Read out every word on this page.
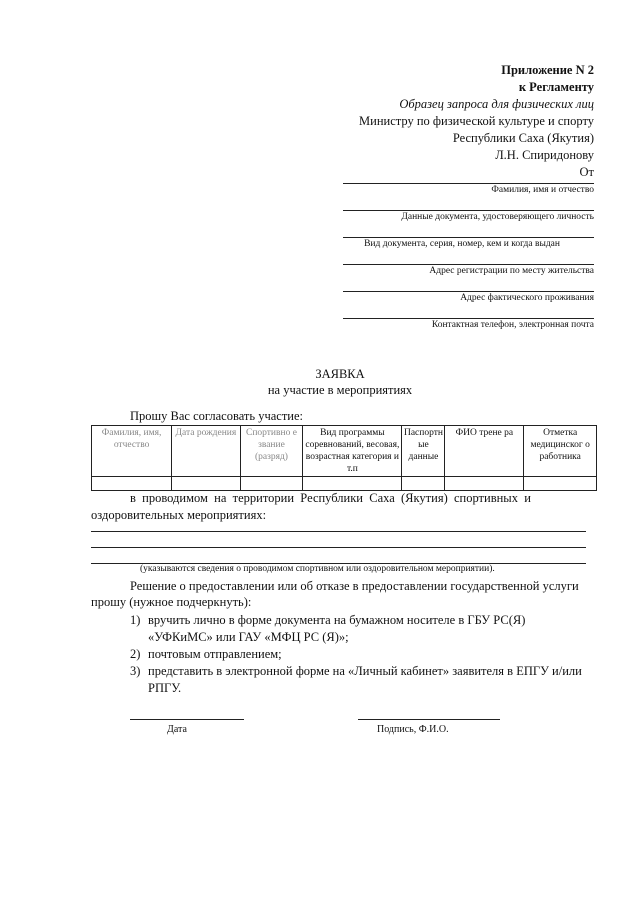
Приложение N 2
к Регламенту
Образец запроса для физических лиц
Министру по физической культуре и спорту
Республики Саха (Якутия)
Л.Н. Спиридонову
От
Фамилия, имя и отчество
Данные документа, удостоверяющего личность
Вид документа, серия, номер, кем и когда выдан
Адрес регистрации по месту жительства
Адрес фактического проживания
Контактная телефон, электронная почта
ЗАЯВКА
на участие в мероприятиях
Прошу Вас согласовать участие:
Фамилия, имя, отчество	Дата рождения	Спортивно е звание (разряд)	Вид программы соревнований, весовая, возрастная категория и т.п	Паспортн ые данные	ФИО трене ра	Отметка медицинског о работника

в  проводимом  на  территории  Республики  Саха  (Якутия)  спортивных  и
оздоровительных мероприятиях:
(указываются сведения о проводимом спортивном или оздоровительном мероприятии).
Решение о предоставлении или об отказе в предоставлении государственной услуги
прошу (нужное подчеркнуть):
1) вручить лично в форме документа на бумажном носителе в ГБУ РС(Я)
«УФКиМС» или ГАУ «МФЦ РС (Я)»;
2) почтовым отправлением;
3) представить в электронной форме на «Личный кабинет» заявителя в ЕПГУ и/или
РПГУ.
Дата	Подпись, Ф.И.О.
